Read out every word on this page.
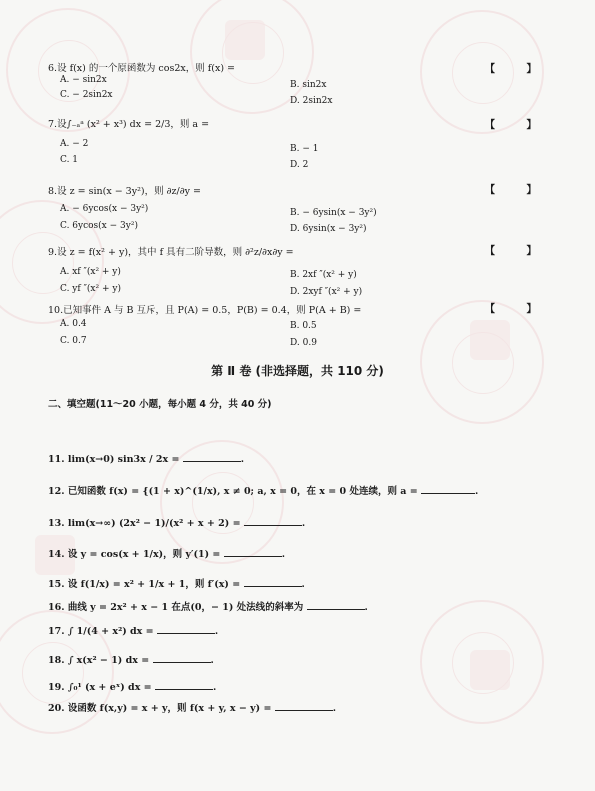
6.设 f(x) 的一个原函数为 cos2x，则 f(x) =	【 】
A. − sin2x	B. sin2x
C. − 2sin2x
D. 2sin2x
7.设∫₋ₐᵃ (x² + x³) dx = 2/3，则 a =	【 】
A. − 2	B. − 1
C. 1	D. 2
8.设 z = sin(x − 3y²)，则 ∂z/∂y =	【 】
A. − 6ycos(x − 3y²)	B. − 6ysin(x − 3y²)
C. 6ycos(x − 3y²)	D. 6ysin(x − 3y²)
9.设 z = f(x² + y)，其中 f 具有二阶导数，则 ∂²z/∂x∂y =	【 】
A. xf ″(x² + y)	B. 2xf ″(x² + y)
C. yf ″(x² + y)	D. 2xyf ″(x² + y)
10.已知事件 A 与 B 互斥，且 P(A) = 0.5，P(B) = 0.4，则 P(A + B) =	【 】
A. 0.4	B. 0.5
C. 0.7	D. 0.9
第 Ⅱ 卷 (非选择题，共 110 分)
二、填空题(11～20 小题，每小题 4 分，共 40 分)
11. lim(x→0) sin3x / 2x =	.
12. 已知函数 f(x) = {(1 + x)^(1/x), x ≠ 0; a, x = 0，在 x = 0 处连续，则 a =	.
13. lim(x→∞) (2x² − 1)/(x² + x + 2) =	.
14. 设 y = cos(x + 1/x)，则 y′(1) =	.
15. 设 f(1/x) = x² + 1/x + 1，则 f′(x) =	.
16. 曲线 y = 2x² + x − 1 在点(0，− 1) 处法线的斜率为	.
17. ∫ 1/(4 + x²) dx =	.
18. ∫ x(x² − 1) dx =	.
19. ∫₀¹ (x + eˣ) dx =	.
20. 设函数 f(x,y) = x + y，则 f(x + y, x − y) =	.
